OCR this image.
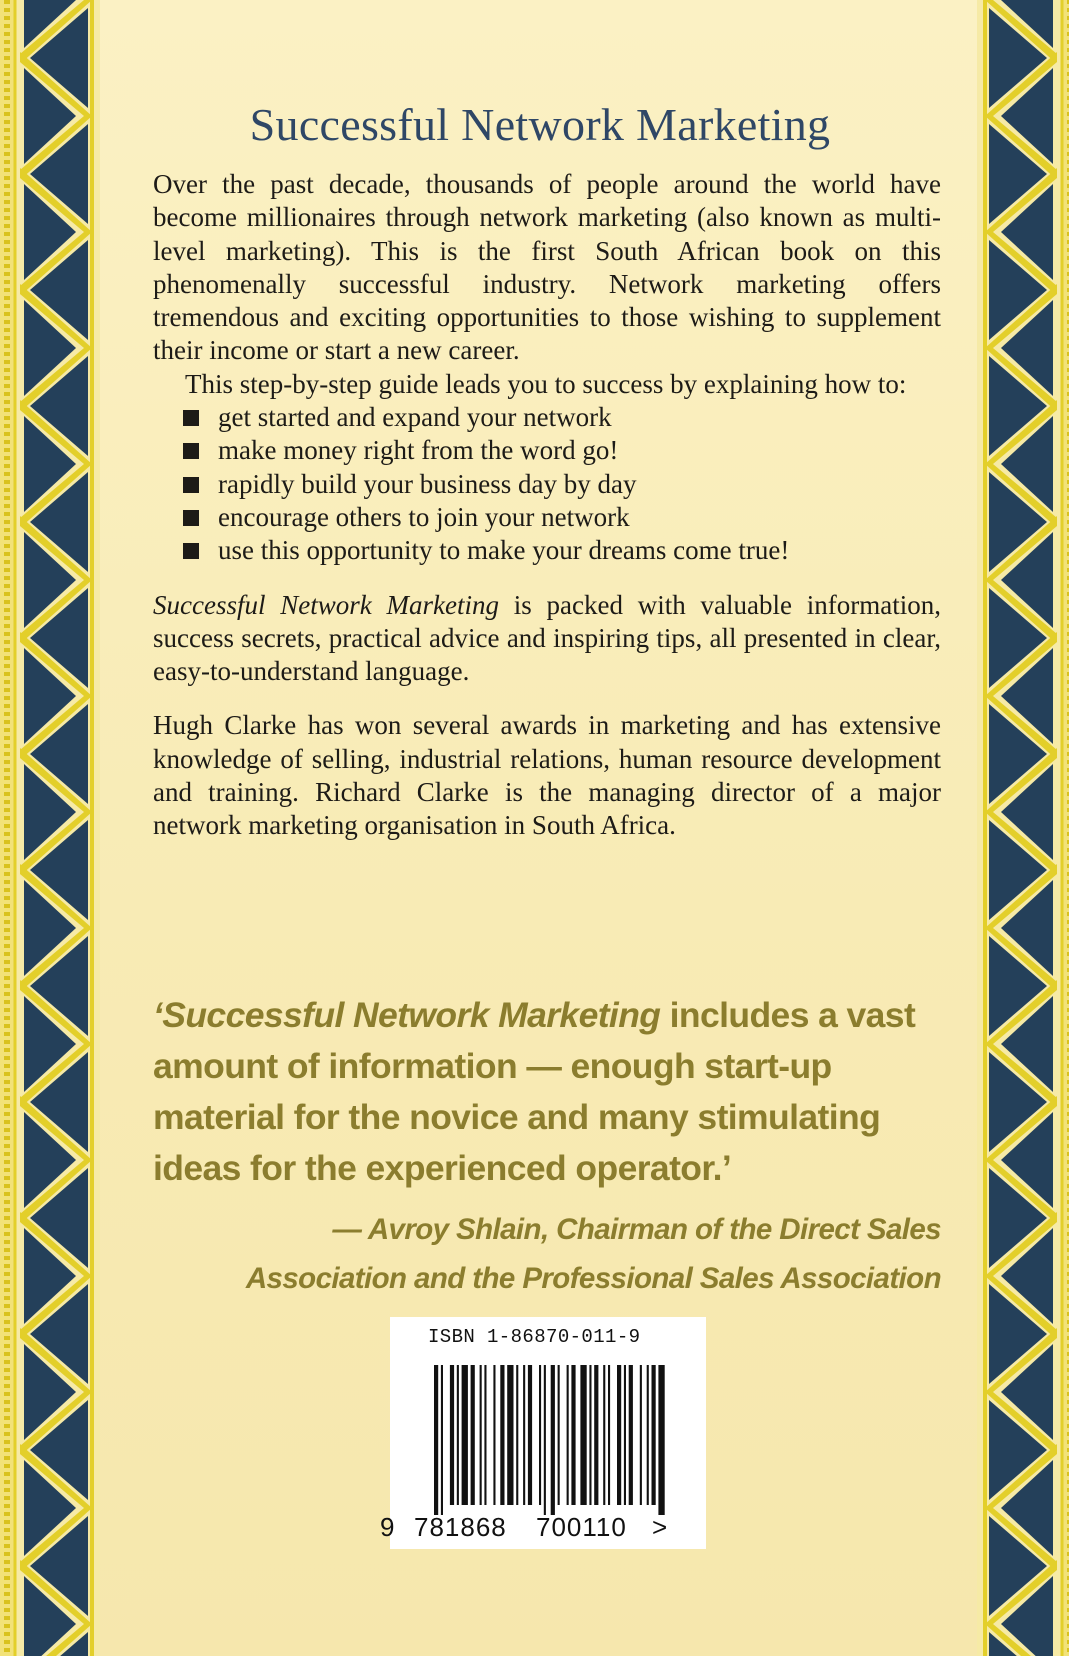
Successful Network Marketing

Over the past decade, thousands of people around the world have become millionaires through network marketing (also known as multi-level marketing). This is the first South African book on this phenomenally successful industry. Network marketing offers tremendous and exciting opportunities to those wishing to supplement their income or start a new career.

This step-by-step guide leads you to success by explaining how to:

get started and expand your network
make money right from the word go!
rapidly build your business day by day
encourage others to join your network
use this opportunity to make your dreams come true!

Successful Network Marketing is packed with valuable information, success secrets, practical advice and inspiring tips, all presented in clear, easy-to-understand language.

Hugh Clarke has won several awards in marketing and has extensive knowledge of selling, industrial relations, human resource development and training. Richard Clarke is the managing director of a major network marketing organisation in South Africa.

‘Successful Network Marketing includes a vast amount of information — enough start-up material for the novice and many stimulating ideas for the experienced operator.’
— Avroy Shlain, Chairman of the Direct Sales
Association and the Professional Sales Association
ISBN 1-86870-011-9
9 781868 700110 >
